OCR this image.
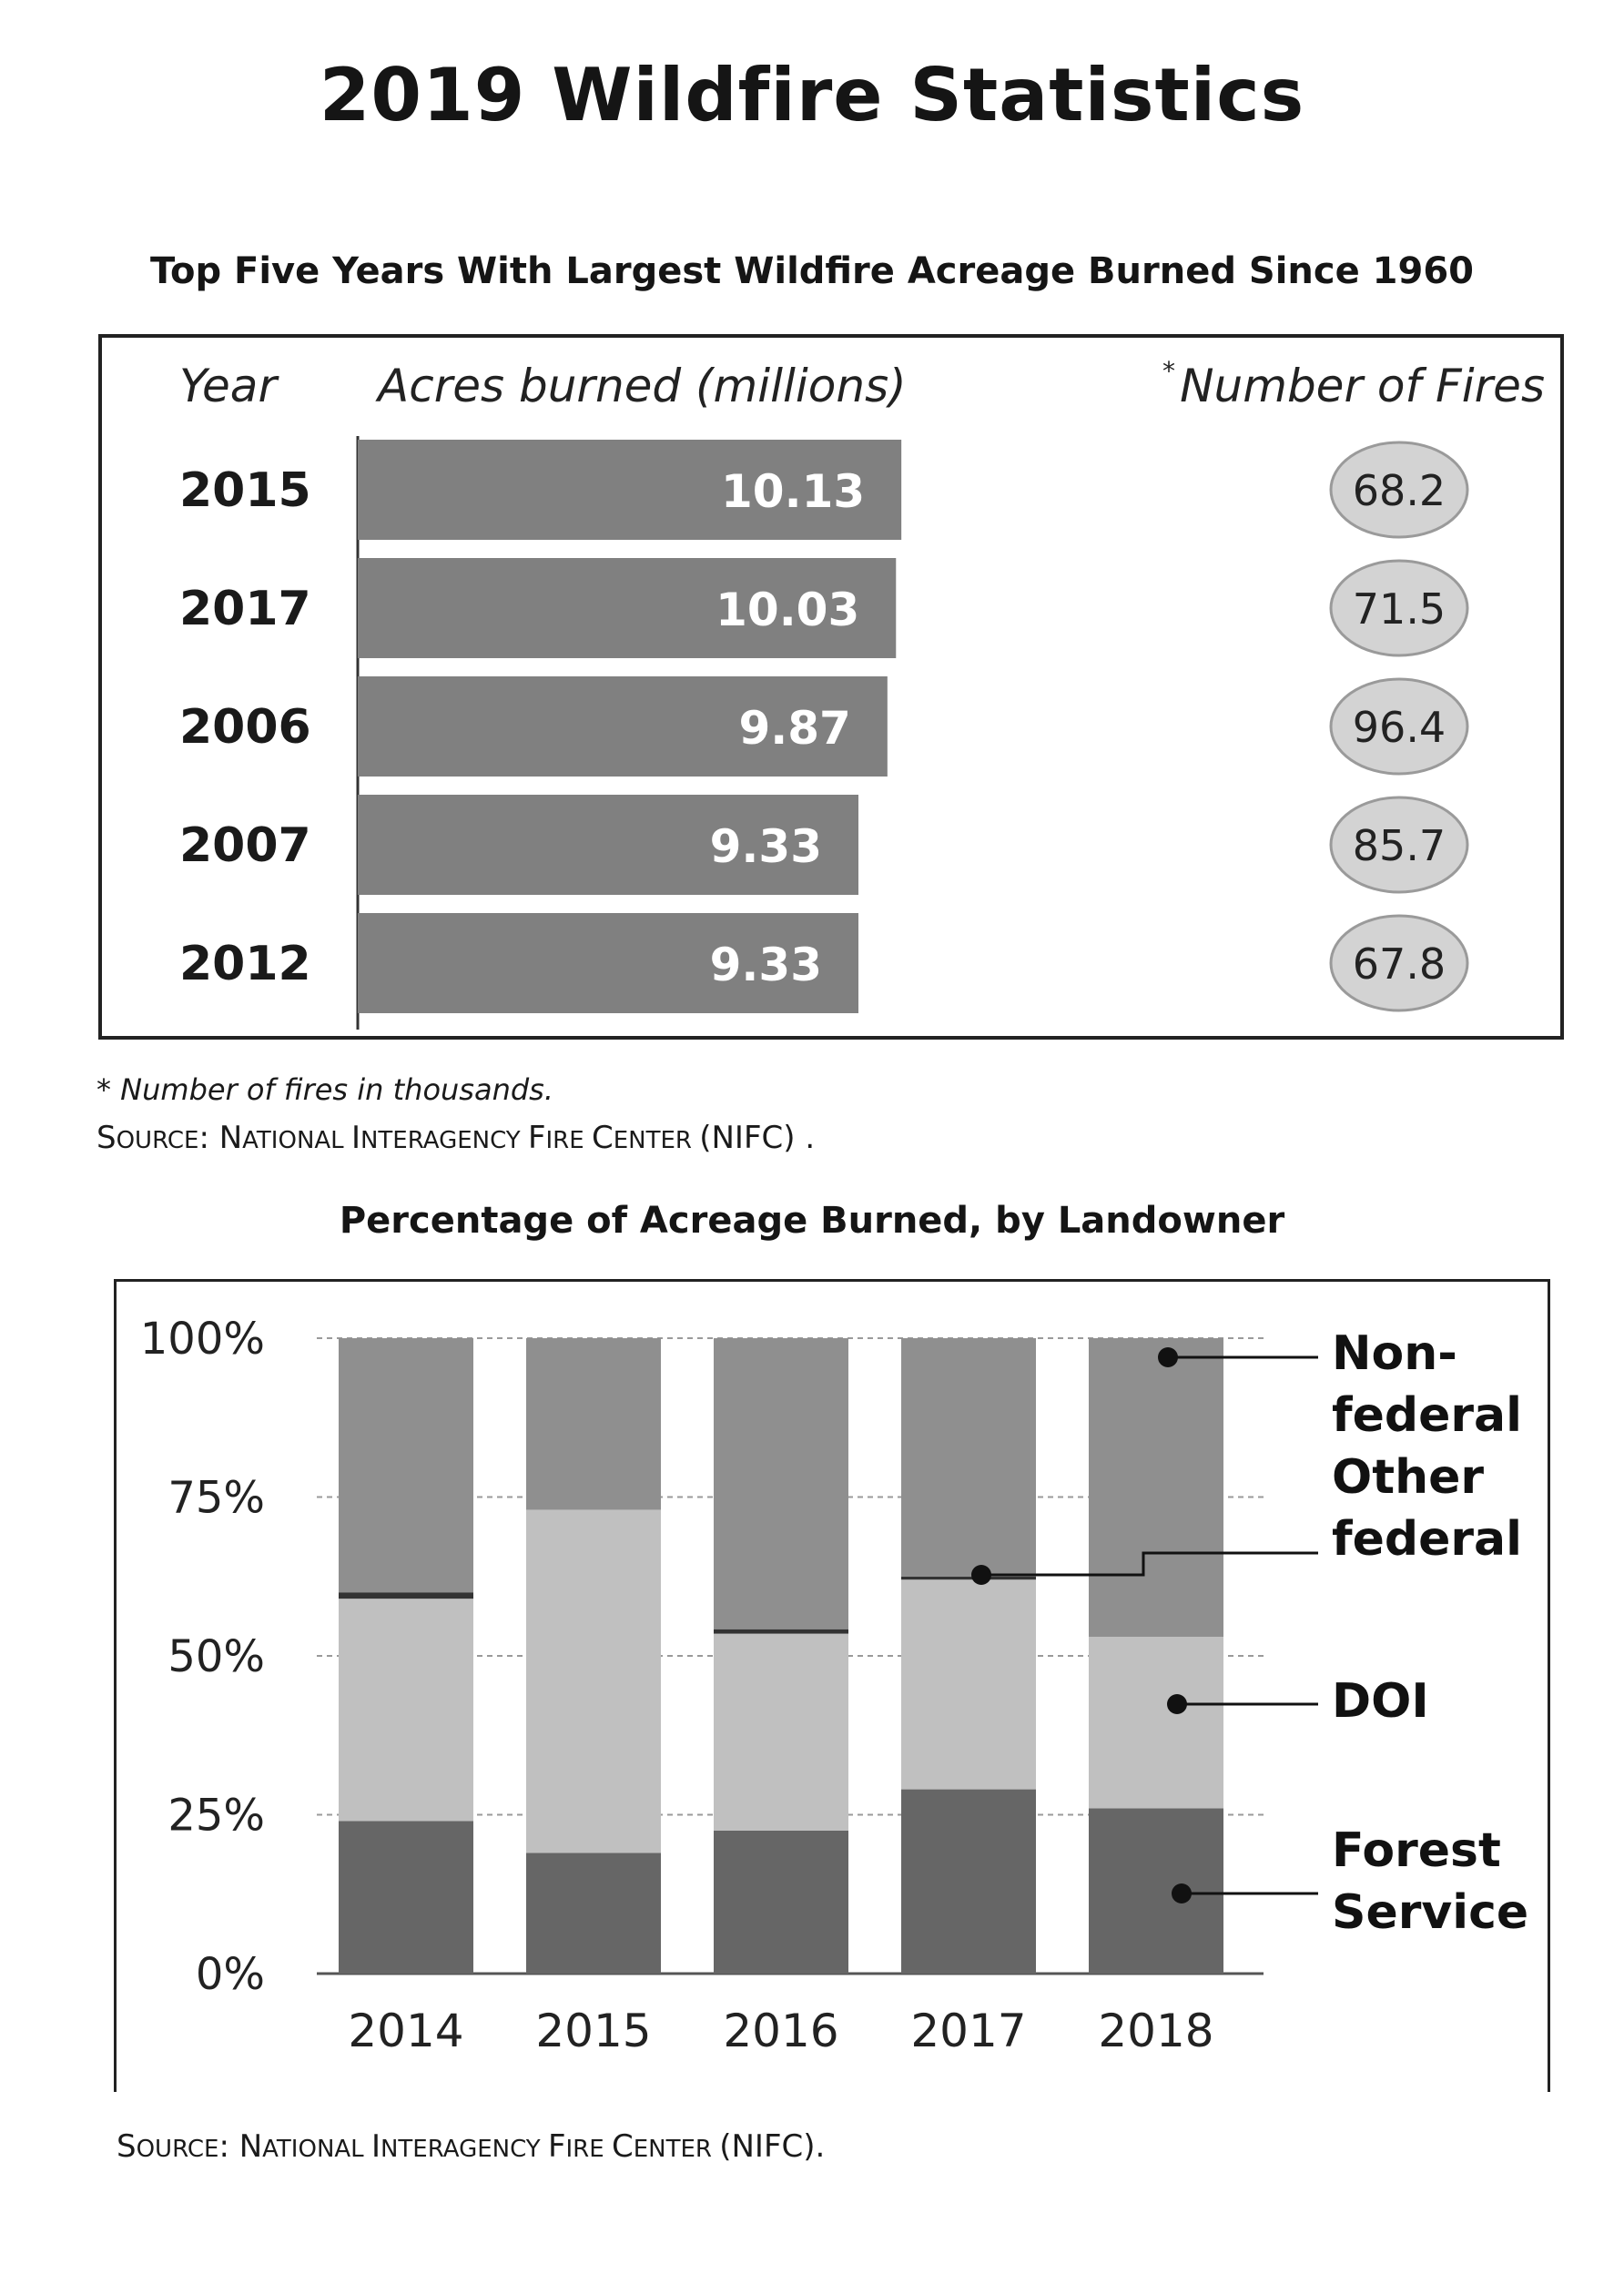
2019 Wildfire Statistics
Top Five Years With Largest Wildfire Acreage Burned Since 1960
Year Acres burned (millions)	* Number of Fires
2015	10.13	68.2
2017	10.03	71.5
2006	9.87	96.4
2007	9.33	85.7
2012	9.33	67.8
* Number of fires in thousands.
SOURCE: NATIONAL INTERAGENCY FIRE CENTER (NIFC) .
Percentage of Acreage Burned, by Landowner
0%
25%
50%
75%
100%
2014 2015 2016 2017 2018
Non-
federal
Other
federal
DOI
Forest
Service
SOURCE: NATIONAL INTERAGENCY FIRE CENTER (NIFC).
